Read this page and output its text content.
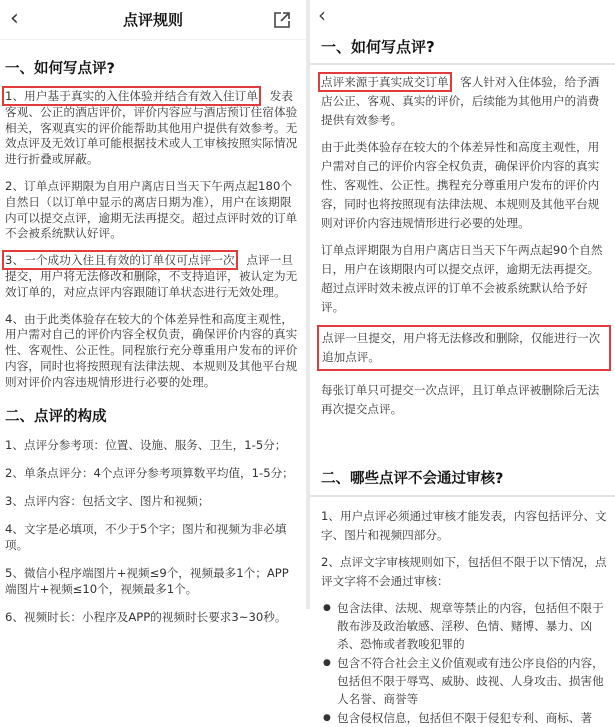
‹	点评规则
一、如何写点评?

1、用户基于真实的入住体验并结合有效入住订单，发表客观、公正的酒店评价，评价内容应与酒店预订住宿体验相关，客观真实的评价能帮助其他用户提供有效参考。无效点评及无效订单可能根据技术或人工审核按照实际情况进行折叠或屏蔽。

2、订单点评期限为自用户离店日当天下午两点起180个自然日（以订单中显示的离店日期为准），用户在该期限内可以提交点评，逾期无法再提交。超过点评时效的订单不会被系统默认好评。

3、一个成功入住且有效的订单仅可点评一次，点评一旦提交，用户将无法修改和删除，不支持追评，被认定为无效订单的，对应点评内容跟随订单状态进行无效处理。

4、由于此类体验存在较大的个体差异性和高度主观性，用户需对自己的评价内容全权负责，确保评价内容的真实性、客观性、公正性。同程旅行充分尊重用户发布的评价内容，同时也将按照现有法律法规、本规则及其他平台规则对评价内容违规情形进行必要的处理。

二、点评的构成

1、点评分参考项：位置、设施、服务、卫生，1-5分；

2、单条点评分：4个点评分参考项算数平均值，1-5分；

3、点评内容：包括文字、图片和视频；

4、文字是必填项，不少于5个字；图片和视频为非必填项。

5、微信小程序端图片+视频≤9个，视频最多1个；APP端图片+视频≤10个，视频最多1个。

6、视频时长：小程序及APP的视频时长要求3~30秒。

‹
一、如何写点评?

点评来源于真实成交订单，客人针对入住体验，给予酒店公正、客观、真实的评价，后续能为其他用户的消费提供有效参考。

由于此类体验存在较大的个体差异性和高度主观性，用户需对自己的评价内容全权负责，确保评价内容的真实性、客观性、公正性。携程充分尊重用户发布的评价内容，同时也将按照现有法律法规、本规则及其他平台规则对评价内容违规情形进行必要的处理。

订单点评期限为自用户离店日当天下午两点起90个自然日，用户在该期限内可以提交点评，逾期无法再提交。超过点评时效未被点评的订单不会被系统默认给予好评。

点评一旦提交，用户将无法修改和删除，仅能进行一次追加点评。

每张订单只可提交一次点评，且订单点评被删除后无法再次提交点评。

二、哪些点评不会通过审核?

1、用户点评必须通过审核才能发表，内容包括评分、文字、图片和视频四部分。

2、点评文字审核规则如下，包括但不限于以下情况，点评文字将不会通过审核：

● 包含法律、法规、规章等禁止的内容，包括但不限于散布涉及政治敏感、淫秽、色情、赌博、暴力、凶杀、恐怖或者教唆犯罪的
● 包含不符合社会主义价值观或有违公序良俗的内容，包括但不限于辱骂、威胁、歧视、人身攻击、损害他人名誉、商誉等
● 包含侵权信息，包括但不限于侵犯专利、商标、著
